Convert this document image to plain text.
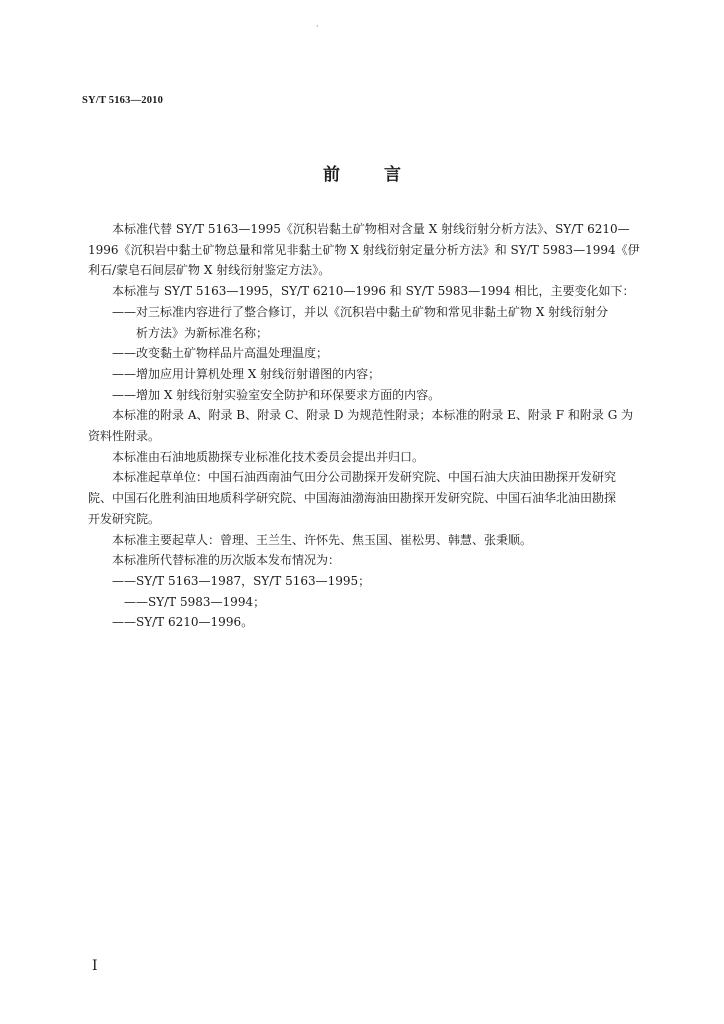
·
SY/T 5163—2010
前言
本标准代替 SY/T 5163—1995《沉积岩黏土矿物相对含量 X 射线衍射分析方法》、SY/T 6210—
1996《沉积岩中黏土矿物总量和常见非黏土矿物 X 射线衍射定量分析方法》和 SY/T 5983—1994《伊
利石/蒙皂石间层矿物 X 射线衍射鉴定方法》。
本标准与 SY/T 5163—1995，SY/T 6210—1996 和 SY/T 5983—1994 相比，主要变化如下：
——对三标准内容进行了整合修订，并以《沉积岩中黏土矿物和常见非黏土矿物 X 射线衍射分
析方法》为新标准名称；
——改变黏土矿物样品片高温处理温度；
——增加应用计算机处理 X 射线衍射谱图的内容；
——增加 X 射线衍射实验室安全防护和环保要求方面的内容。
本标准的附录 A、附录 B、附录 C、附录 D 为规范性附录；本标准的附录 E、附录 F 和附录 G 为
资料性附录。
本标准由石油地质勘探专业标准化技术委员会提出并归口。
本标准起草单位：中国石油西南油气田分公司勘探开发研究院、中国石油大庆油田勘探开发研究
院、中国石化胜利油田地质科学研究院、中国海油渤海油田勘探开发研究院、中国石油华北油田勘探
开发研究院。
本标准主要起草人：曾理、王兰生、许怀先、焦玉国、崔松男、韩慧、张秉顺。
本标准所代替标准的历次版本发布情况为：
——SY/T 5163—1987，SY/T 5163—1995；
——SY/T 5983—1994；
——SY/T 6210—1996。
I
